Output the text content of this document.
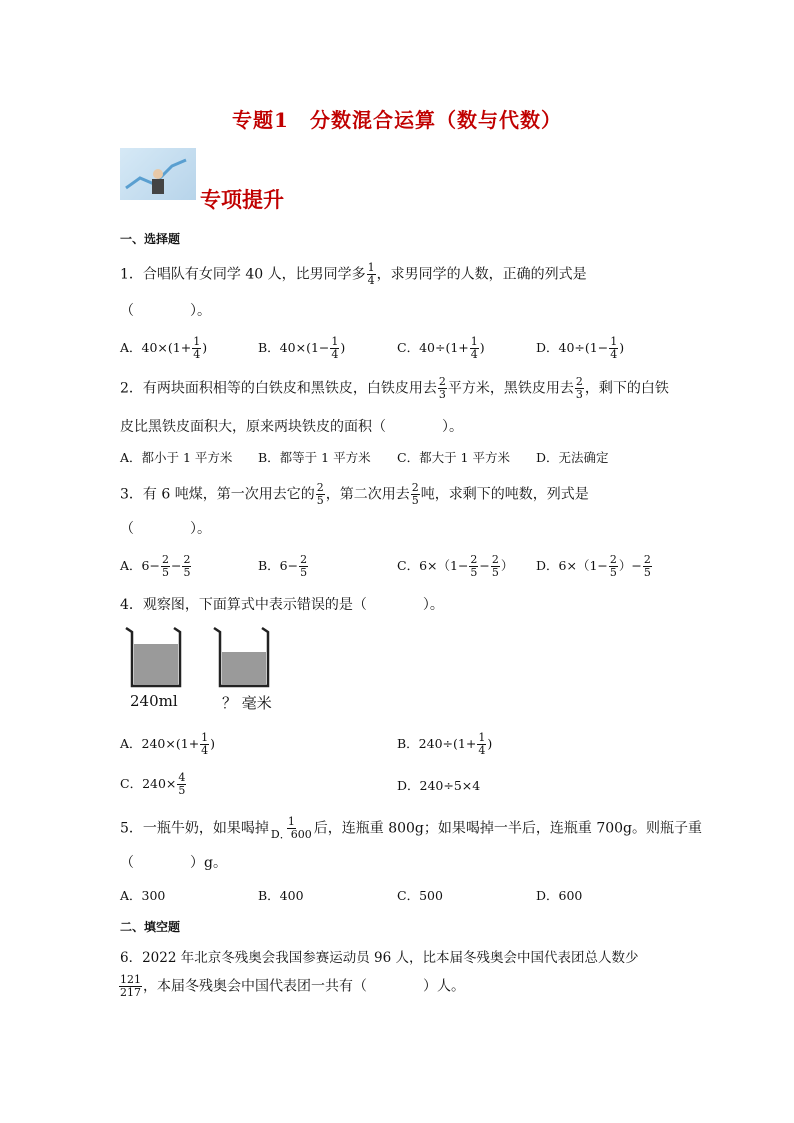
专题1　分数混合运算（数与代数）
专项提升
一、选择题
1．合唱队有女同学 40 人，比男同学多 $\frac{1}{4}$ ，求男同学的人数，正确的列式是
（　　　　）。
A．$40\times(1+ \frac{1}{4}$ )	B．$40\times(1- \frac{1}{4}$ )	C．$40\div(1+ \frac{1}{4}$ )	D．$40\div(1- \frac{1}{4}$ )
2．有两块面积相等的白铁皮和黑铁皮，白铁皮用去 $\frac{2}{3}$ 平方米，黑铁皮用去 $\frac{2}{3}$ ，剩下的白铁
皮比黑铁皮面积大，原来两块铁皮的面积（　　　　）。
A．都小于 1 平方米 B．都等于 1 平方米 C．都大于 1 平方米 D．无法确定
3．有 6 吨煤，第一次用去它的 $\frac{2}{5}$ ，第二次用去 $\frac{2}{5}$ 吨，求剩下的吨数，列式是
（　　　　）。
A．$6- \frac{2}{5} - \frac{2}{5}$	B．$6- \frac{2}{5}$	C．$6\times(1- \frac{2}{5} - \frac{2}{5}$ ） D．$6\times(1- \frac{2}{5}$ ）− $\frac{2}{5}$
4．观察图，下面算式中表示错误的是（　　　　）。
240ml	？ 毫米
A．$240\times(1+ \frac{1}{4}$ )	B．$240\div(1+ \frac{1}{4}$ )
C．$240\times \frac{4}{5}$	D．240÷5×4
5．一瓶牛奶，如果喝掉 $\frac{1}{D.600}$ 后，连瓶重 800g；如果喝掉一半后，连瓶重 700g。则瓶子重
（　　　　）g。
A．300	B．400	C．500	D．600
二、填空题
6．2022 年北京冬残奥会我国参赛运动员 96 人，比本届冬残奥会中国代表团总人数少
$\frac{121}{217}$ ，本届冬残奥会中国代表团一共有（　　　　）人。
